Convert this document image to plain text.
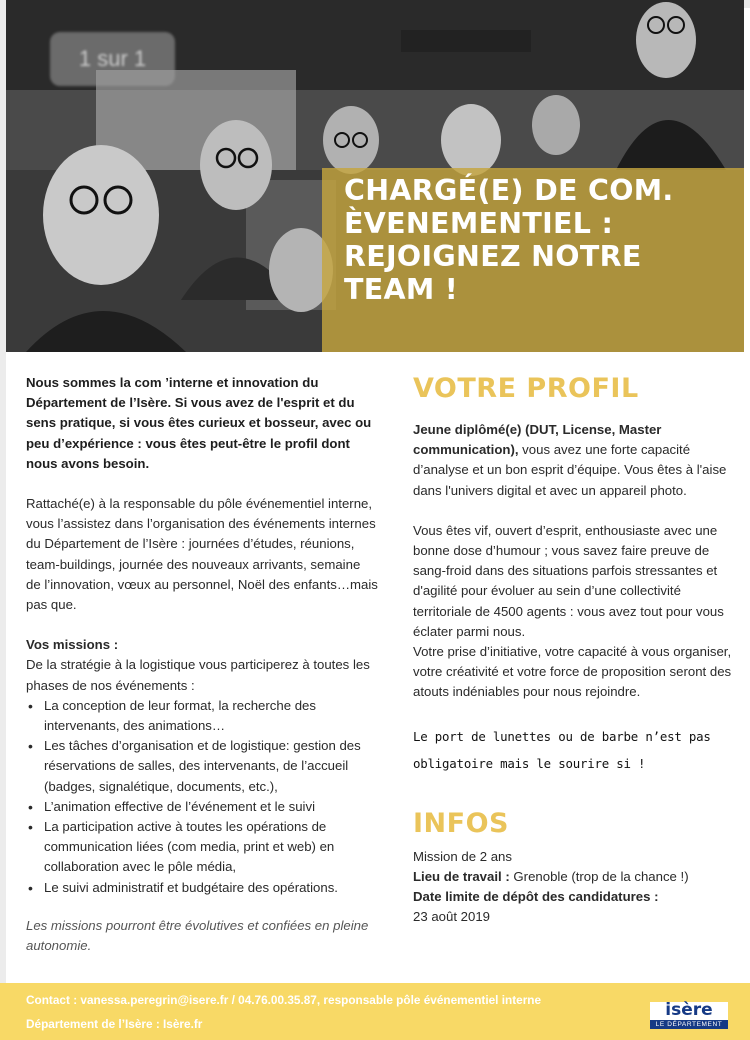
1 sur 1
CHARGÉ(E) DE COM. ÈVENEMENTIEL : REJOIGNEZ NOTRE TEAM !

Nous sommes la com ’interne et innovation du Département de l’Isère. Si vous avez de l'esprit et du sens pratique, si vous êtes curieux et bosseur, avec ou peu d’expérience : vous êtes peut-être le profil dont nous avons besoin.

Rattaché(e) à la responsable du pôle événementiel interne, vous l’assistez dans l’organisation des événements internes du Département de l’Isère : journées d’études, réunions, team-buildings, journée des nouveaux arrivants, semaine de l’innovation, vœux au personnel, Noël des enfants…mais pas que.

Vos missions :
De la stratégie à la logistique vous participerez à toutes les phases de nos événements :
• La conception de leur format, la recherche des intervenants, des animations…
• Les tâches d’organisation et de logistique: gestion des réservations de salles, des intervenants, de l’accueil (badges, signalétique, documents, etc.),
• L’animation effective de l’événement et le suivi
• La participation active à toutes les opérations de communication liées (com media, print et web) en collaboration avec le pôle média,
• Le suivi administratif et budgétaire des opérations.

Les missions pourront être évolutives et confiées en pleine autonomie.

VOTRE PROFIL

Jeune diplômé(e) (DUT, License, Master communication), vous avez une forte capacité d’analyse et un bon esprit d’équipe. Vous êtes à l'aise dans l'univers digital et avec un appareil photo.

Vous êtes vif, ouvert d’esprit, enthousiaste avec une bonne dose d’humour ; vous savez faire preuve de sang-froid dans des situations parfois stressantes et d'agilité pour évoluer au sein d’une collectivité territoriale de 4500 agents : vous avez tout pour vous éclater parmi nous.

Votre prise d’initiative, votre capacité à vous organiser, votre créativité et votre force de proposition seront des atouts indéniables pour nous rejoindre.

Le port de lunettes ou de barbe n’est pas obligatoire mais le sourire si !
INFOS

Mission de 2 ans

Lieu de travail : Grenoble (trop de la chance !)

Date limite de dépôt des candidatures :

23 août 2019

Contact : vanessa.peregrin@isere.fr / 04.76.00.35.87, responsable pôle événementiel interne
Département de l’Isère : Isère.fr
isère
LE DÉPARTEMENT
